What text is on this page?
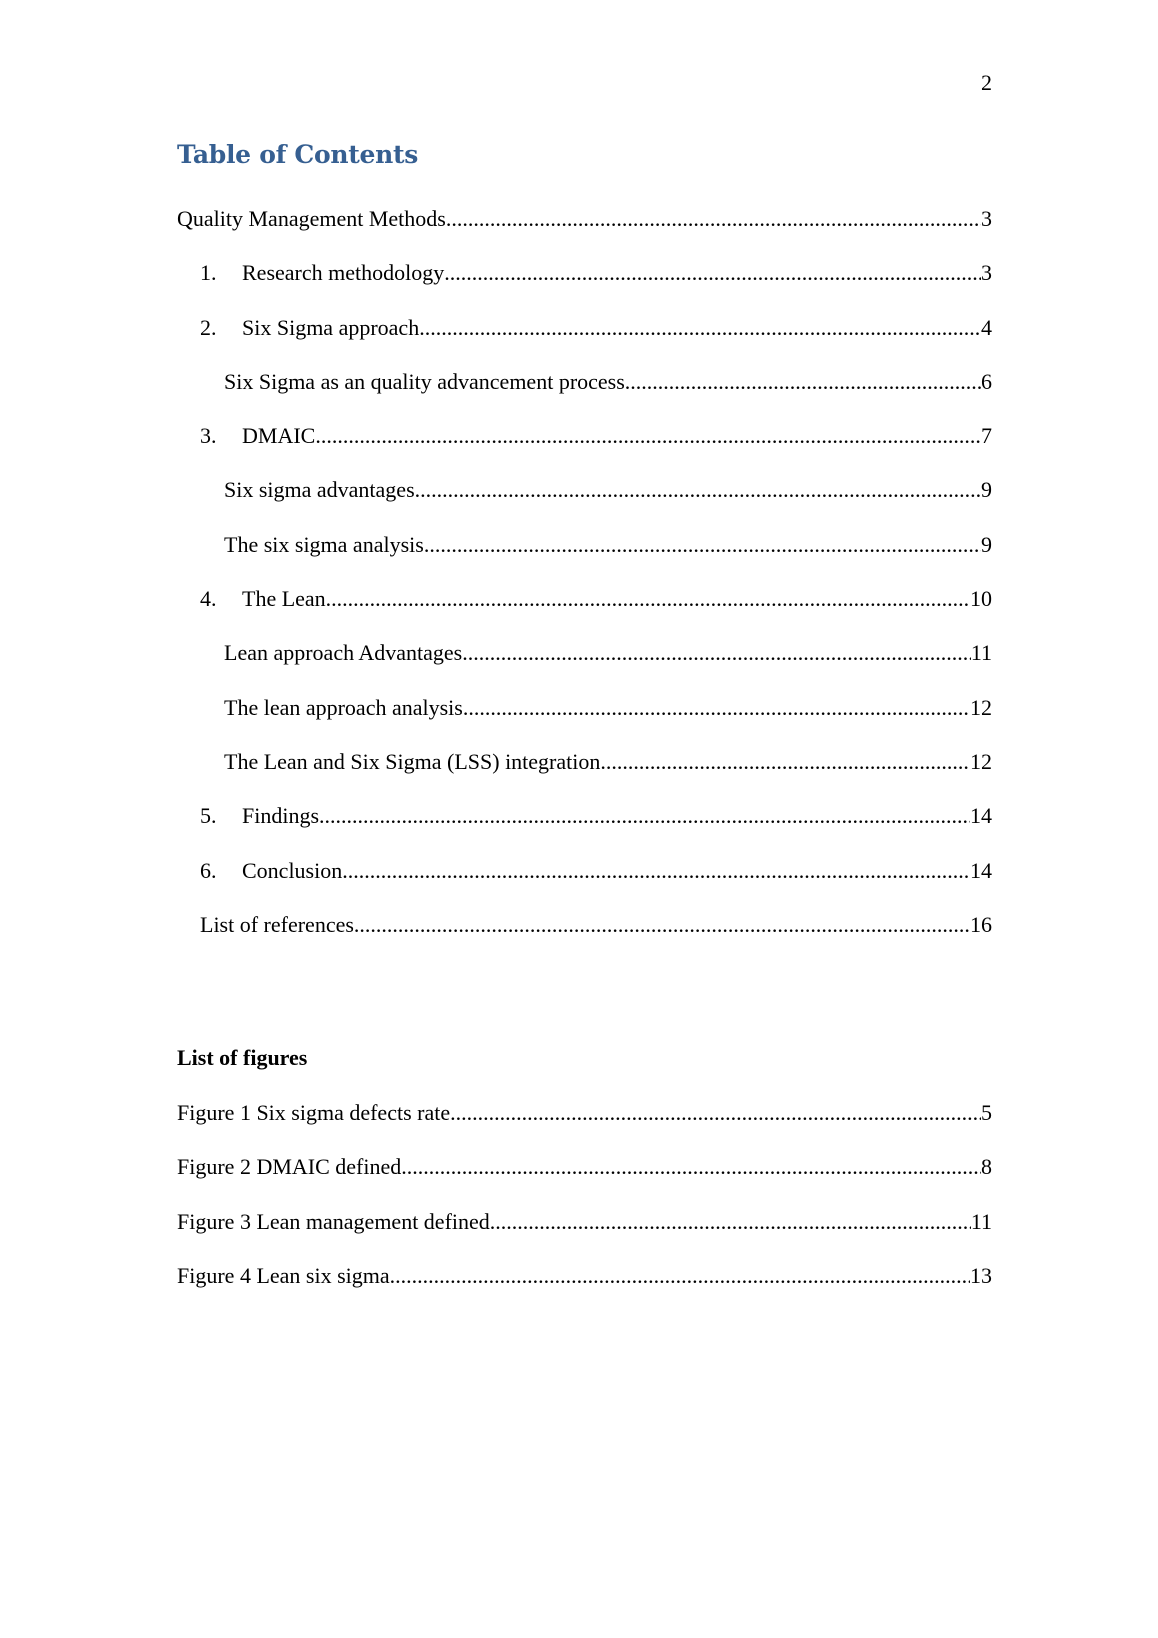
2
Table of Contents
Quality Management Methods .....	3
1.	Research methodology .....	3
2.	Six Sigma approach .....	4
Six Sigma as an quality advancement process .....	6
3.	DMAIC .....	7
Six sigma advantages .....	9
The six sigma analysis .....	9
4.	The Lean .....	10
Lean approach Advantages .....	11
The lean approach analysis .....	12
The Lean and Six Sigma (LSS) integration .....	12
5.	Findings .....	14
6.	Conclusion .....	14
List of references .....	16
List of figures
Figure 1 Six sigma defects rate .....	5
Figure 2 DMAIC defined .....	8
Figure 3 Lean management defined .....	11
Figure 4 Lean six sigma .....	13
